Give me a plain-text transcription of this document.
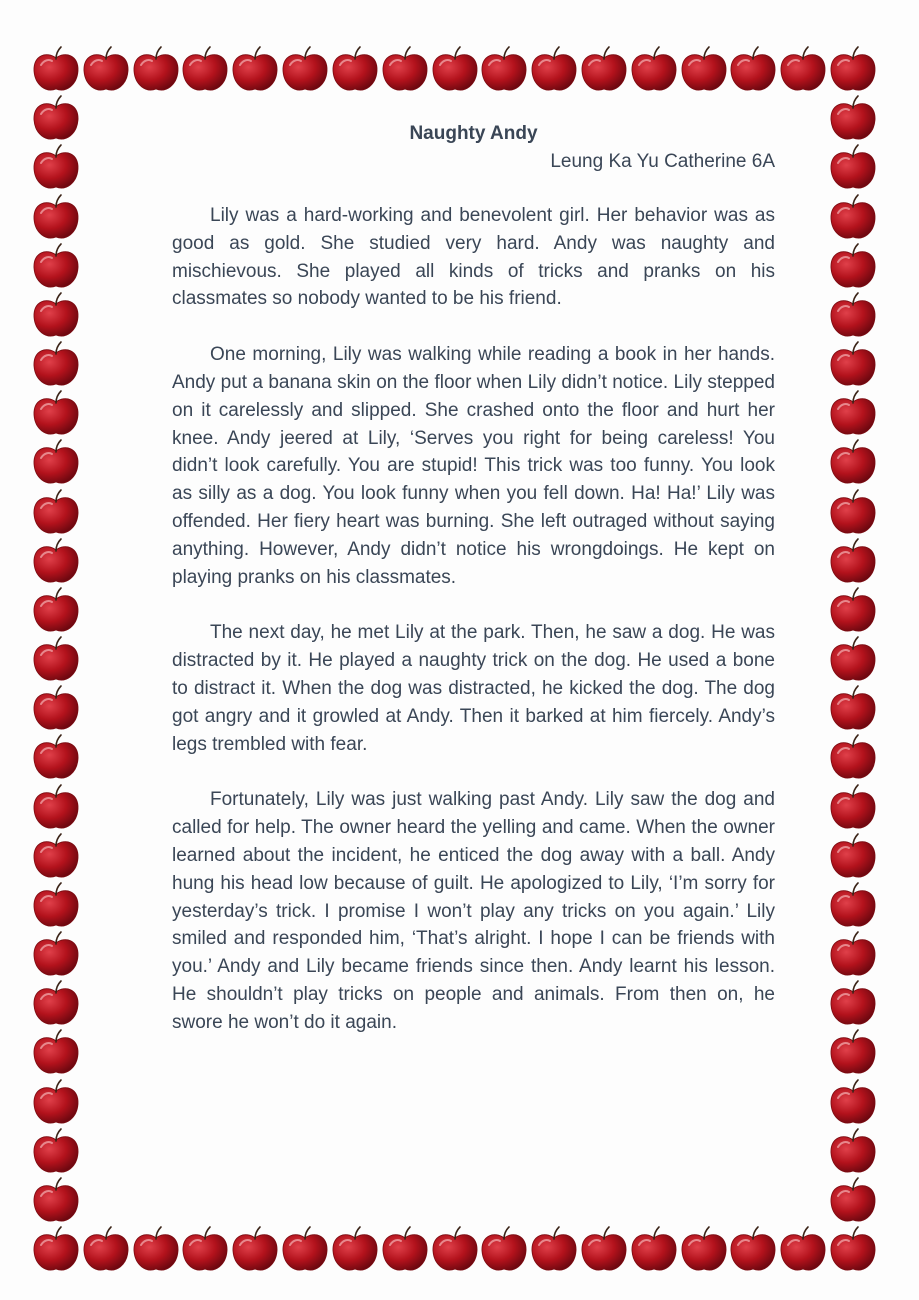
Naughty Andy
Leung Ka Yu Catherine 6A

Lily was a hard-working and benevolent girl. Her behavior was as good as gold. She studied very hard. Andy was naughty and mischievous. She played all kinds of tricks and pranks on his classmates so nobody wanted to be his friend.

One morning, Lily was walking while reading a book in her hands. Andy put a banana skin on the floor when Lily didn’t notice. Lily stepped on it carelessly and slipped. She crashed onto the floor and hurt her knee. Andy jeered at Lily, ‘Serves you right for being careless! You didn’t look carefully. You are stupid! This trick was too funny. You look as silly as a dog. You look funny when you fell down. Ha! Ha!’ Lily was offended. Her fiery heart was burning. She left outraged without saying anything. However, Andy didn’t notice his wrongdoings. He kept on playing pranks on his classmates.

The next day, he met Lily at the park. Then, he saw a dog. He was distracted by it. He played a naughty trick on the dog. He used a bone to distract it. When the dog was distracted, he kicked the dog. The dog got angry and it growled at Andy. Then it barked at him fiercely. Andy’s legs trembled with fear.

Fortunately, Lily was just walking past Andy. Lily saw the dog and called for help. The owner heard the yelling and came. When the owner learned about the incident, he enticed the dog away with a ball. Andy hung his head low because of guilt. He apologized to Lily, ‘I’m sorry for yesterday’s trick. I promise I won’t play any tricks on you again.’ Lily smiled and responded him, ‘That’s alright. I hope I can be friends with you.’ Andy and Lily became friends since then. Andy learnt his lesson. He shouldn’t play tricks on people and animals. From then on, he swore he won’t do it again.
